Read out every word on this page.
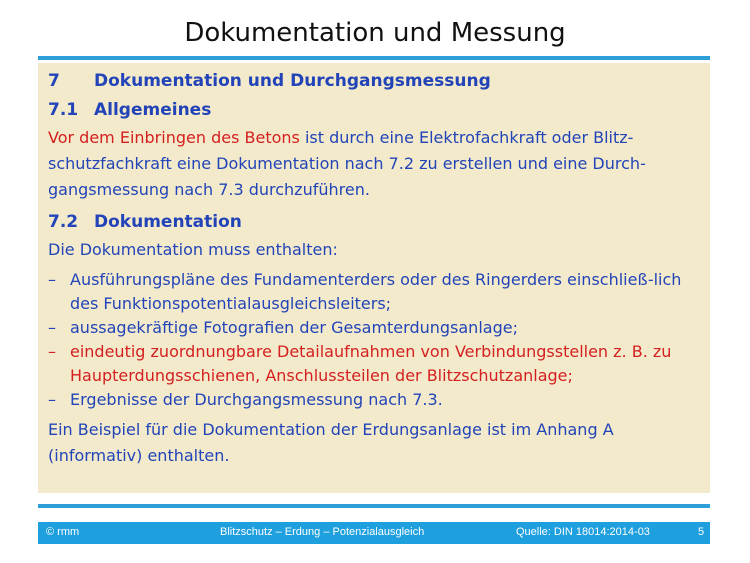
Dokumentation und Messung
7	Dokumentation und Durchgangsmessung
7.1 Allgemeines
Vor dem Einbringen des Betons ist durch eine Elektrofachkraft oder Blitzschutzfachkraft eine Dokumentation nach 7.2 zu erstellen und eine Durchgangsmessung nach 7.3 durchzuführen.
7.2 Dokumentation
Die Dokumentation muss enthalten:
– Ausführungspläne des Fundamenterders oder des Ringerders einschließ-lich des Funktionspotentialausgleichsleiters;
– aussagekräftige Fotografien der Gesamterdungsanlage;
– eindeutig zuordnungbare Detailaufnahmen von Verbindungsstellen z. B. zu Haupterdungsschienen, Anschlussteilen der Blitzschutzanlage;
– Ergebnisse der Durchgangsmessung nach 7.3.
Ein Beispiel für die Dokumentation der Erdungsanlage ist im Anhang A (informativ) enthalten.
© rmm	Blitzschutz – Erdung – Potenzialausgleich	Quelle: DIN 18014:2014-03	5
